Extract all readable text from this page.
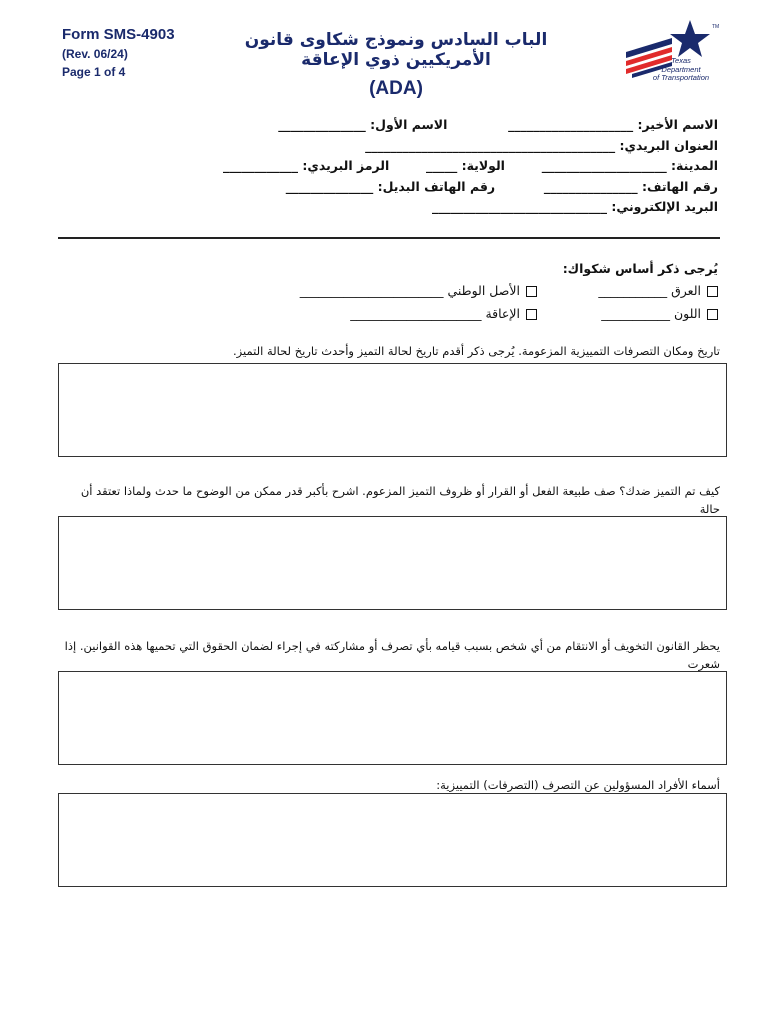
Form SMS-4903
(Rev. 06/24)
Page 1 of 4
الباب السادس ونموذج شكاوى قانون الأمريكيين ذوي الإعاقة
(ADA)
TM
Texas
Department
of Transportation
الاسم الأخير: ____________________  الاسم الأول: ______________
العنوان البريدي: ________________________________________
المدينة: ____________________  الولاية: _____  الرمز البريدي: ____________
رقم الهاتف: _______________  رقم الهاتف البديل: ______________
البريد الإلكتروني: ____________________________
يُرجى ذكر أساس شكواك:
العرق ___________
الأصل الوطني _______________________
اللون ___________
الإعاقة _____________________
تاريخ ومكان التصرفات التمييزية المزعومة. يُرجى ذكر أقدم تاريخ لحالة التميز وأحدث تاريخ لحالة التميز.
كيف تم التميز ضدك؟ صف طبيعة الفعل أو القرار أو ظروف التميز المزعوم. اشرح بأكبر قدر ممكن من الوضوح ما حدث ولماذا تعتقد أن حالة
يحظر القانون التخويف أو الانتقام من أي شخص بسبب قيامه بأي تصرف أو مشاركته في إجراء لضمان الحقوق التي تحميها هذه القوانين. إذا شعرت
أسماء الأفراد المسؤولين عن التصرف (التصرفات) التمييزية:
